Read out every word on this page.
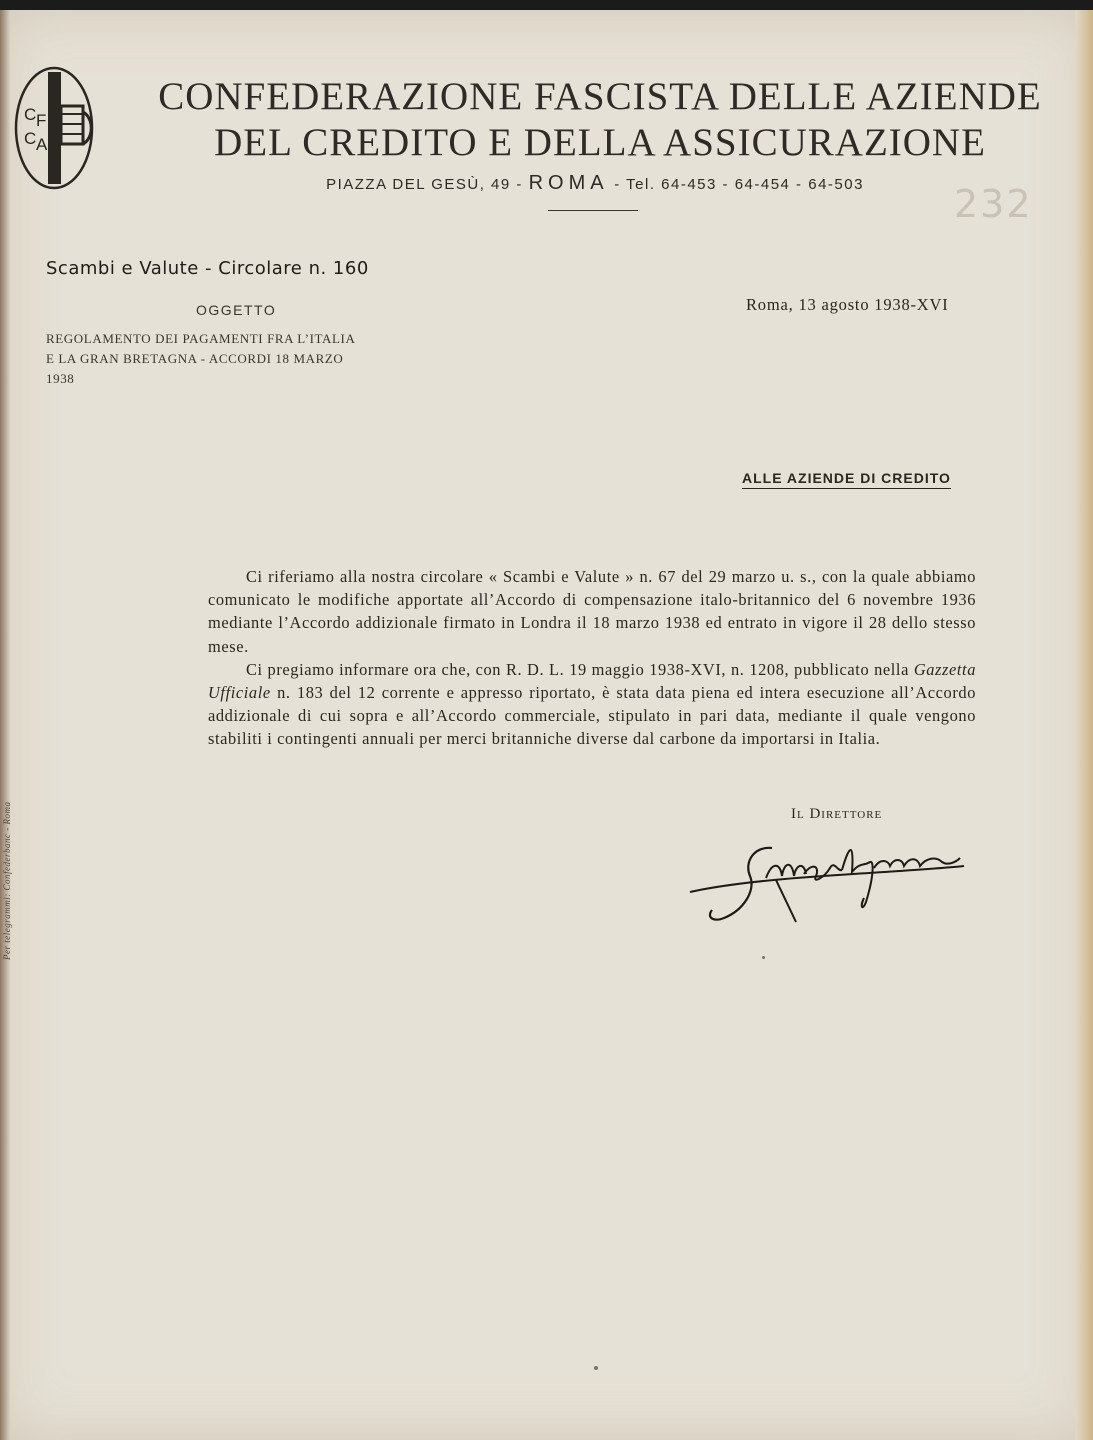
C F
C A
CONFEDERAZIONE FASCISTA DELLE AZIENDE
DEL CREDITO E DELLA ASSICURAZIONE
PIAZZA DEL GESÙ, 49 - ROMA - Tel. 64-453 - 64-454 - 64-503	232
Scambi e Valute - Circolare n. 160
OGGETTO
REGOLAMENTO DEI PAGAMENTI FRA L’ITALIA
E LA GRAN BRETAGNA - ACCORDI 18 MARZO
1938
Roma, 13 agosto 1938-XVI
ALLE AZIENDE DI CREDITO

Ci riferiamo alla nostra circolare « Scambi e Valute » n. 67 del 29 marzo u. s., con la quale abbiamo comunicato le modifiche apportate all’Accordo di compensazione italo-britannico del 6 novembre 1936 mediante l’Accordo addizionale firmato in Londra il 18 marzo 1938 ed entrato in vigore il 28 dello stesso mese.

Ci pregiamo informare ora che, con R. D. L. 19 maggio 1938-XVI, n. 1208, pubblicato nella Gazzetta Ufficiale n. 183 del 12 corrente e appresso riportato, è stata data piena ed intera esecuzione all’Accordo addizionale di cui sopra e all’Accordo commerciale, stipulato in pari data, mediante il quale vengono stabiliti i contingenti annuali per merci britanniche diverse dal carbone da importarsi in Italia.

Il Direttore
Per telegrammi: Confederbanc - Roma
